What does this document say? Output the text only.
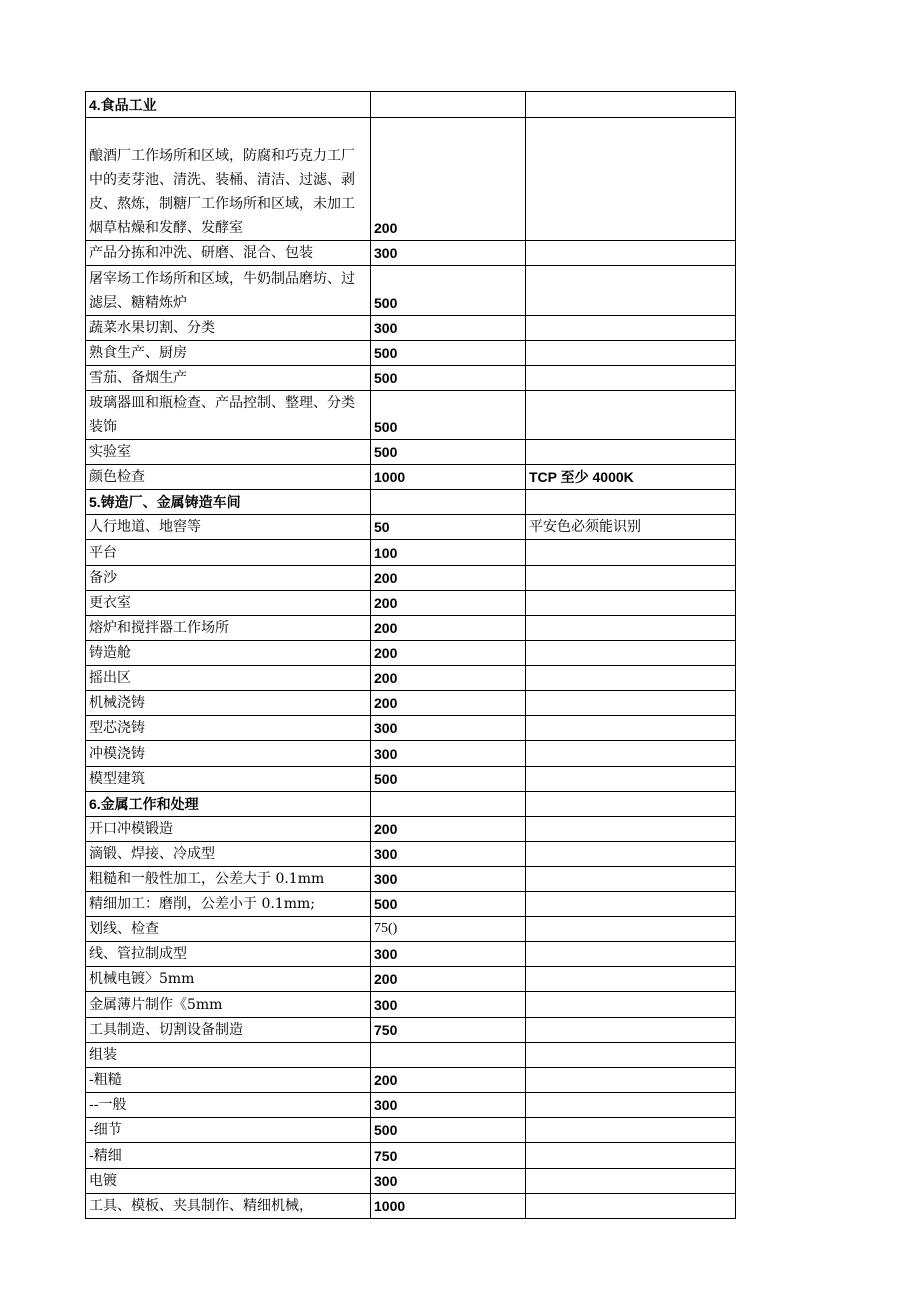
4.食品工业		
酿酒厂工作场所和区域，防腐和巧克力工厂中的麦芽池、清洗、装桶、清洁、过滤、剥皮、熬炼，制糖厂工作场所和区域，未加工烟草枯燥和发酵、发酵室	200	
产品分拣和冲洗、研磨、混合、包装	300	
屠宰场工作场所和区域，牛奶制品磨坊、过滤层、糖精炼炉	500	
蔬菜水果切割、分类	300	
熟食生产、厨房	500	
雪茄、备烟生产	500	
玻璃器皿和瓶检查、产品控制、整理、分类装饰	500	
实验室	500	
颜色检查	1000	TCP 至少 4000K
5.铸造厂、金属铸造车间		
人行地道、地窖等	50	平安色必须能识别
平台	100	
备沙	200	
更衣室	200	
熔炉和搅拌器工作场所	200	
铸造舱	200	
摇出区	200	
机械浇铸	200	
型芯浇铸	300	
冲模浇铸	300	
模型建筑	500	
6.金属工作和处理		
开口冲模锻造	200	
滴锻、焊接、冷成型	300	
粗糙和一般性加工，公差大于 0.1mm	300	
精细加工：磨削，公差小于 0.1mm;	500	
划线、检查	75()	
线、管拉制成型	300	
机械电镀〉5mm	200	
金属薄片制作《5mm	300	
工具制造、切割设备制造	750	
组装		
-粗糙	200	
--一般	300	
-细节	500	
-精细	750	
电镀	300	
工具、模板、夹具制作、精细机械，	1000	
